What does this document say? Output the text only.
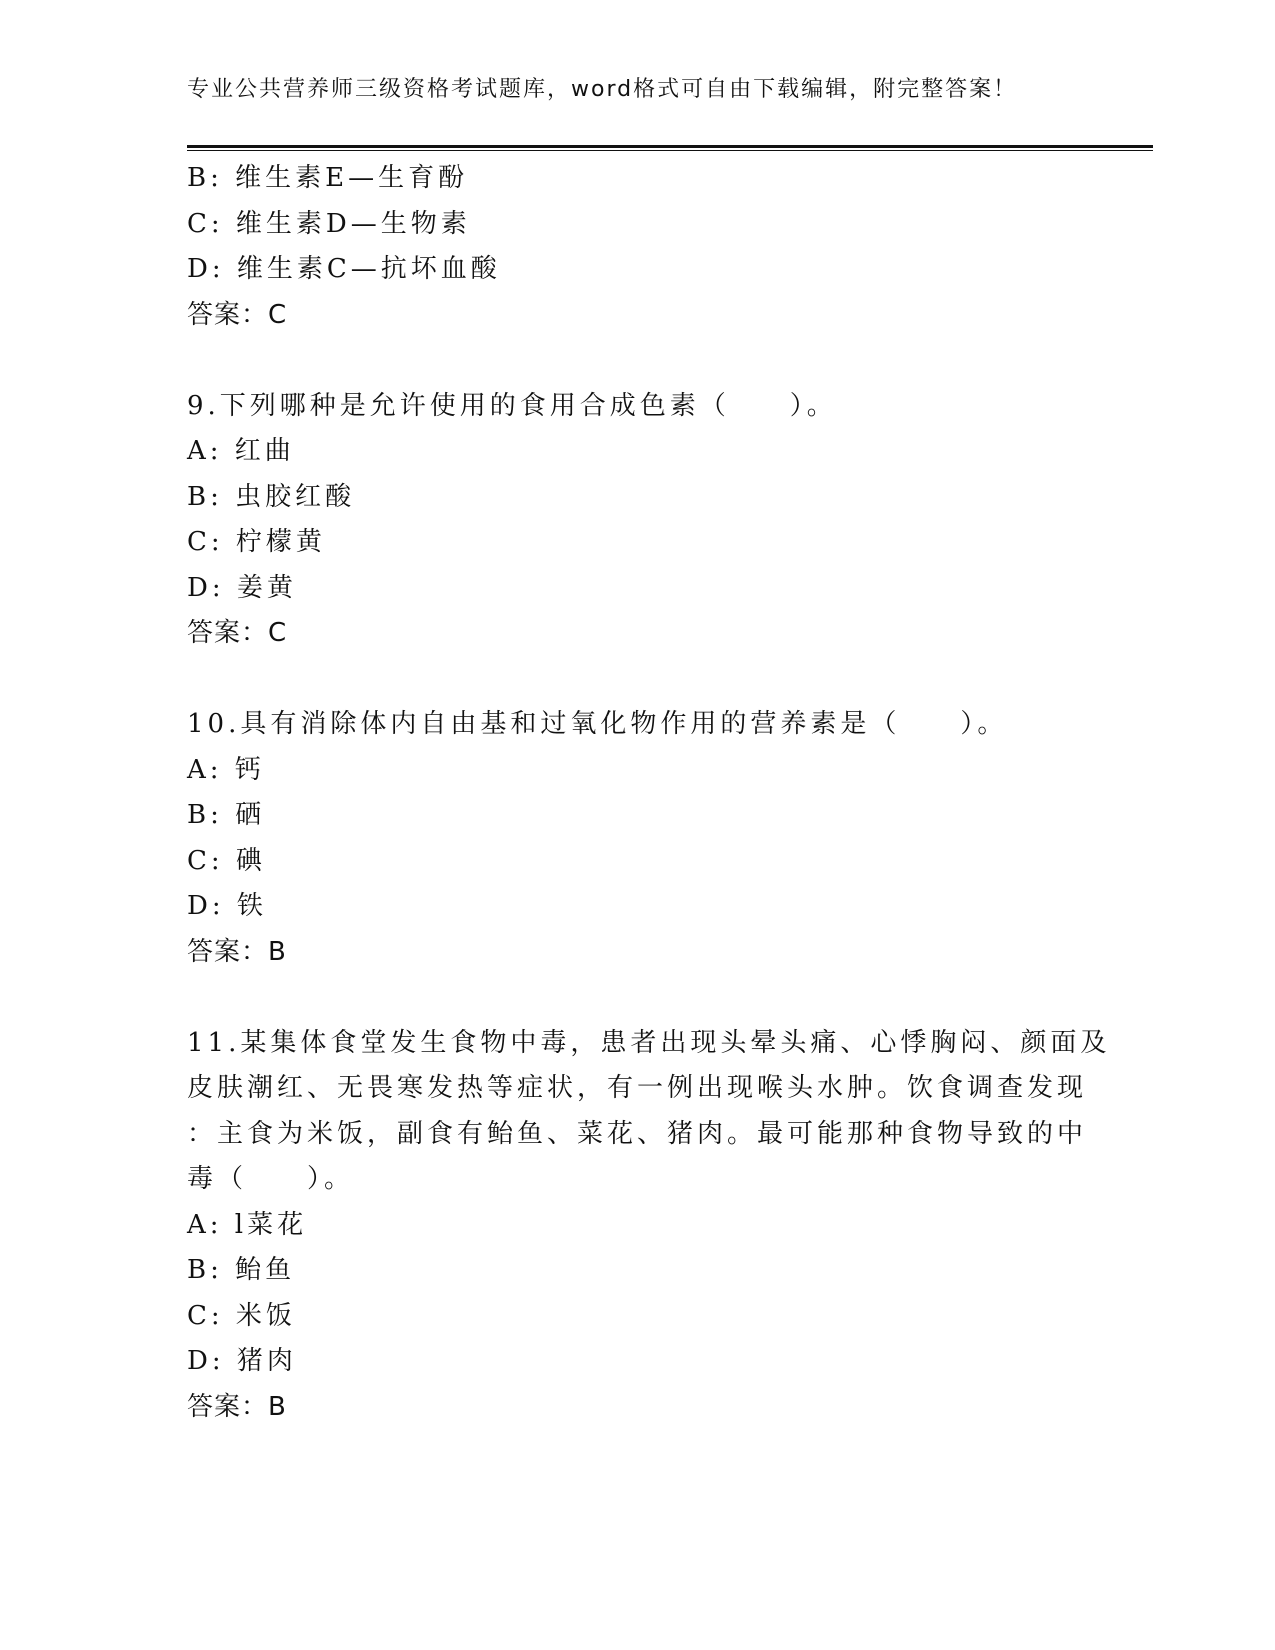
专业公共营养师三级资格考试题库，word格式可自由下载编辑，附完整答案！
B: 维生素E—生育酚
C: 维生素D—生物素
D: 维生素C—抗坏血酸
答案：C
9.下列哪种是允许使用的食用合成色素（　　）。
A: 红曲
B: 虫胶红酸
C: 柠檬黄
D: 姜黄
答案：C
10.具有消除体内自由基和过氧化物作用的营养素是（　　）。
A: 钙
B: 硒
C: 碘
D: 铁
答案：B
11.某集体食堂发生食物中毒，患者出现头晕头痛、心悸胸闷、颜面及
皮肤潮红、无畏寒发热等症状，有一例出现喉头水肿。饮食调查发现
：主食为米饭，副食有鲐鱼、菜花、猪肉。最可能那种食物导致的中
毒（　　）。
A: l菜花
B: 鲐鱼
C: 米饭
D: 猪肉
答案：B
